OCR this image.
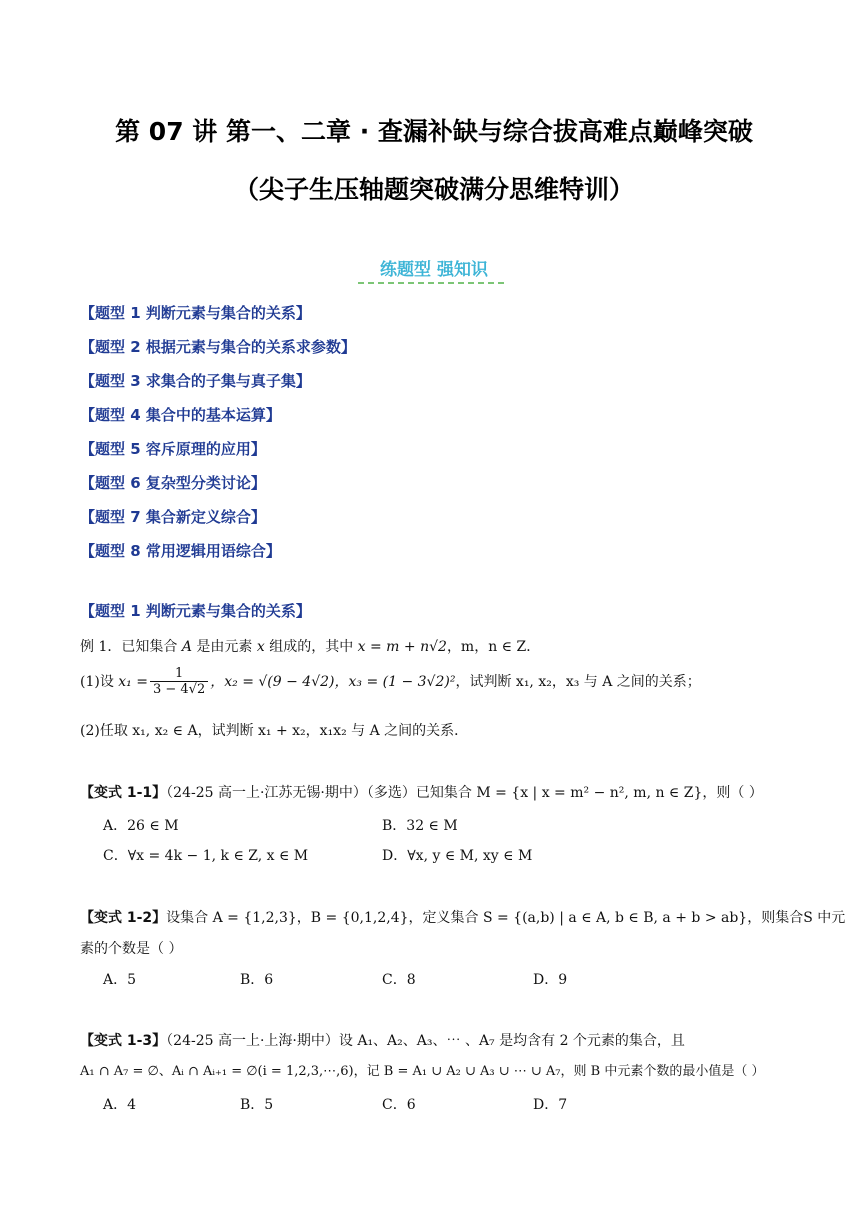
第 07 讲 第一、二章 · 查漏补缺与综合拔高难点巅峰突破
（尖子生压轴题突破满分思维特训）
练题型 强知识
【题型 1 判断元素与集合的关系】
【题型 2 根据元素与集合的关系求参数】
【题型 3 求集合的子集与真子集】
【题型 4 集合中的基本运算】
【题型 5 容斥原理的应用】
【题型 6 复杂型分类讨论】
【题型 7 集合新定义综合】
【题型 8 常用逻辑用语综合】
【题型 1 判断元素与集合的关系】
例 1．已知集合 A 是由元素 x 组成的，其中 x = m + n√2，m，n ∈ Z．
(1)设 $x_1 = \frac{1}{3 - 4√2}$ ，x₂ = √(9 − 4√2)，x₃ = (1 − 3√2)²，试判断 x₁, x₂，x₃ 与 A 之间的关系；
(2)任取 x₁, x₂ ∈ A，试判断 x₁ + x₂，x₁x₂ 与 A 之间的关系．
【变式 1-1】（24-25 高一上·江苏无锡·期中）（多选）已知集合 M = {x | x = m² − n², m, n ∈ Z}，则（ ）
A．26 ∈ M	B．32 ∈ M
C．∀x = 4k − 1, k ∈ Z, x ∈ M	D．∀x, y ∈ M, xy ∈ M
【变式 1-2】设集合 A = {1,2,3}，B = {0,1,2,4}，定义集合 S = {(a,b) | a ∈ A, b ∈ B, a + b > ab}，则集合S 中元
素的个数是（ ）
A．5	B．6	C．8	D．9
【变式 1-3】（24-25 高一上·上海·期中）设 A₁、A₂、A₃、⋯ 、A₇ 是均含有 2 个元素的集合，且
A₁ ∩ A₇ = ∅、Aᵢ ∩ Aᵢ₊₁ = ∅(i = 1,2,3,⋯,6)，记 B = A₁ ∪ A₂ ∪ A₃ ∪ ⋯ ∪ A₇，则 B 中元素个数的最小值是（ ）
A．4	B．5	C．6	D．7
